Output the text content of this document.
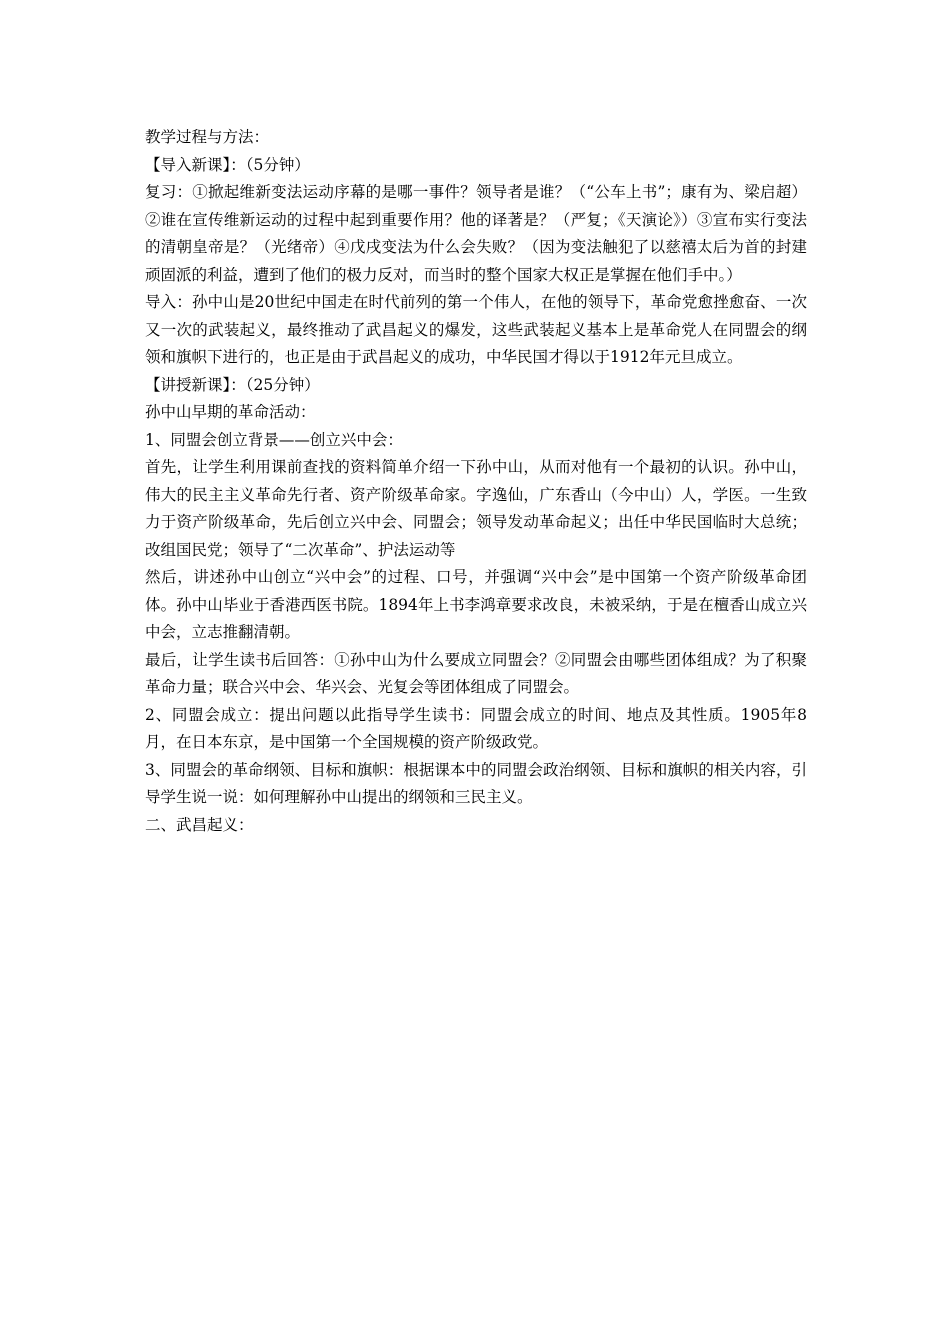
教学过程与方法：

【导入新课】：（5分钟）

复习：①掀起维新变法运动序幕的是哪一事件？领导者是谁？（“公车上书”；康有为、梁启超）②谁在宣传维新运动的过程中起到重要作用？他的译著是？（严复；《天演论》）③宣布实行变法的清朝皇帝是？（光绪帝）④戊戌变法为什么会失败？（因为变法触犯了以慈禧太后为首的封建顽固派的利益，遭到了他们的极力反对，而当时的整个国家大权正是掌握在他们手中。）

导入：孙中山是20世纪中国走在时代前列的第一个伟人，在他的领导下，革命党愈挫愈奋、一次又一次的武装起义，最终推动了武昌起义的爆发，这些武装起义基本上是革命党人在同盟会的纲领和旗帜下进行的，也正是由于武昌起义的成功，中华民国才得以于1912年元旦成立。

【讲授新课】：（25分钟）

孙中山早期的革命活动：

1、同盟会创立背景——创立兴中会：

首先，让学生利用课前查找的资料简单介绍一下孙中山，从而对他有一个最初的认识。孙中山，伟大的民主主义革命先行者、资产阶级革命家。字逸仙，广东香山（今中山）人，学医。一生致力于资产阶级革命，先后创立兴中会、同盟会；领导发动革命起义；出任中华民国临时大总统；改组国民党；领导了“二次革命”、护法运动等

然后，讲述孙中山创立“兴中会”的过程、口号，并强调“兴中会”是中国第一个资产阶级革命团体。孙中山毕业于香港西医书院。1894年上书李鸿章要求改良，未被采纳，于是在檀香山成立兴中会，立志推翻清朝。

最后，让学生读书后回答：①孙中山为什么要成立同盟会？②同盟会由哪些团体组成？为了积聚革命力量；联合兴中会、华兴会、光复会等团体组成了同盟会。

2、同盟会成立：提出问题以此指导学生读书：同盟会成立的时间、地点及其性质。1905年8月，在日本东京，是中国第一个全国规模的资产阶级政党。

3、同盟会的革命纲领、目标和旗帜：根据课本中的同盟会政治纲领、目标和旗帜的相关内容，引导学生说一说：如何理解孙中山提出的纲领和三民主义。

二、武昌起义：
